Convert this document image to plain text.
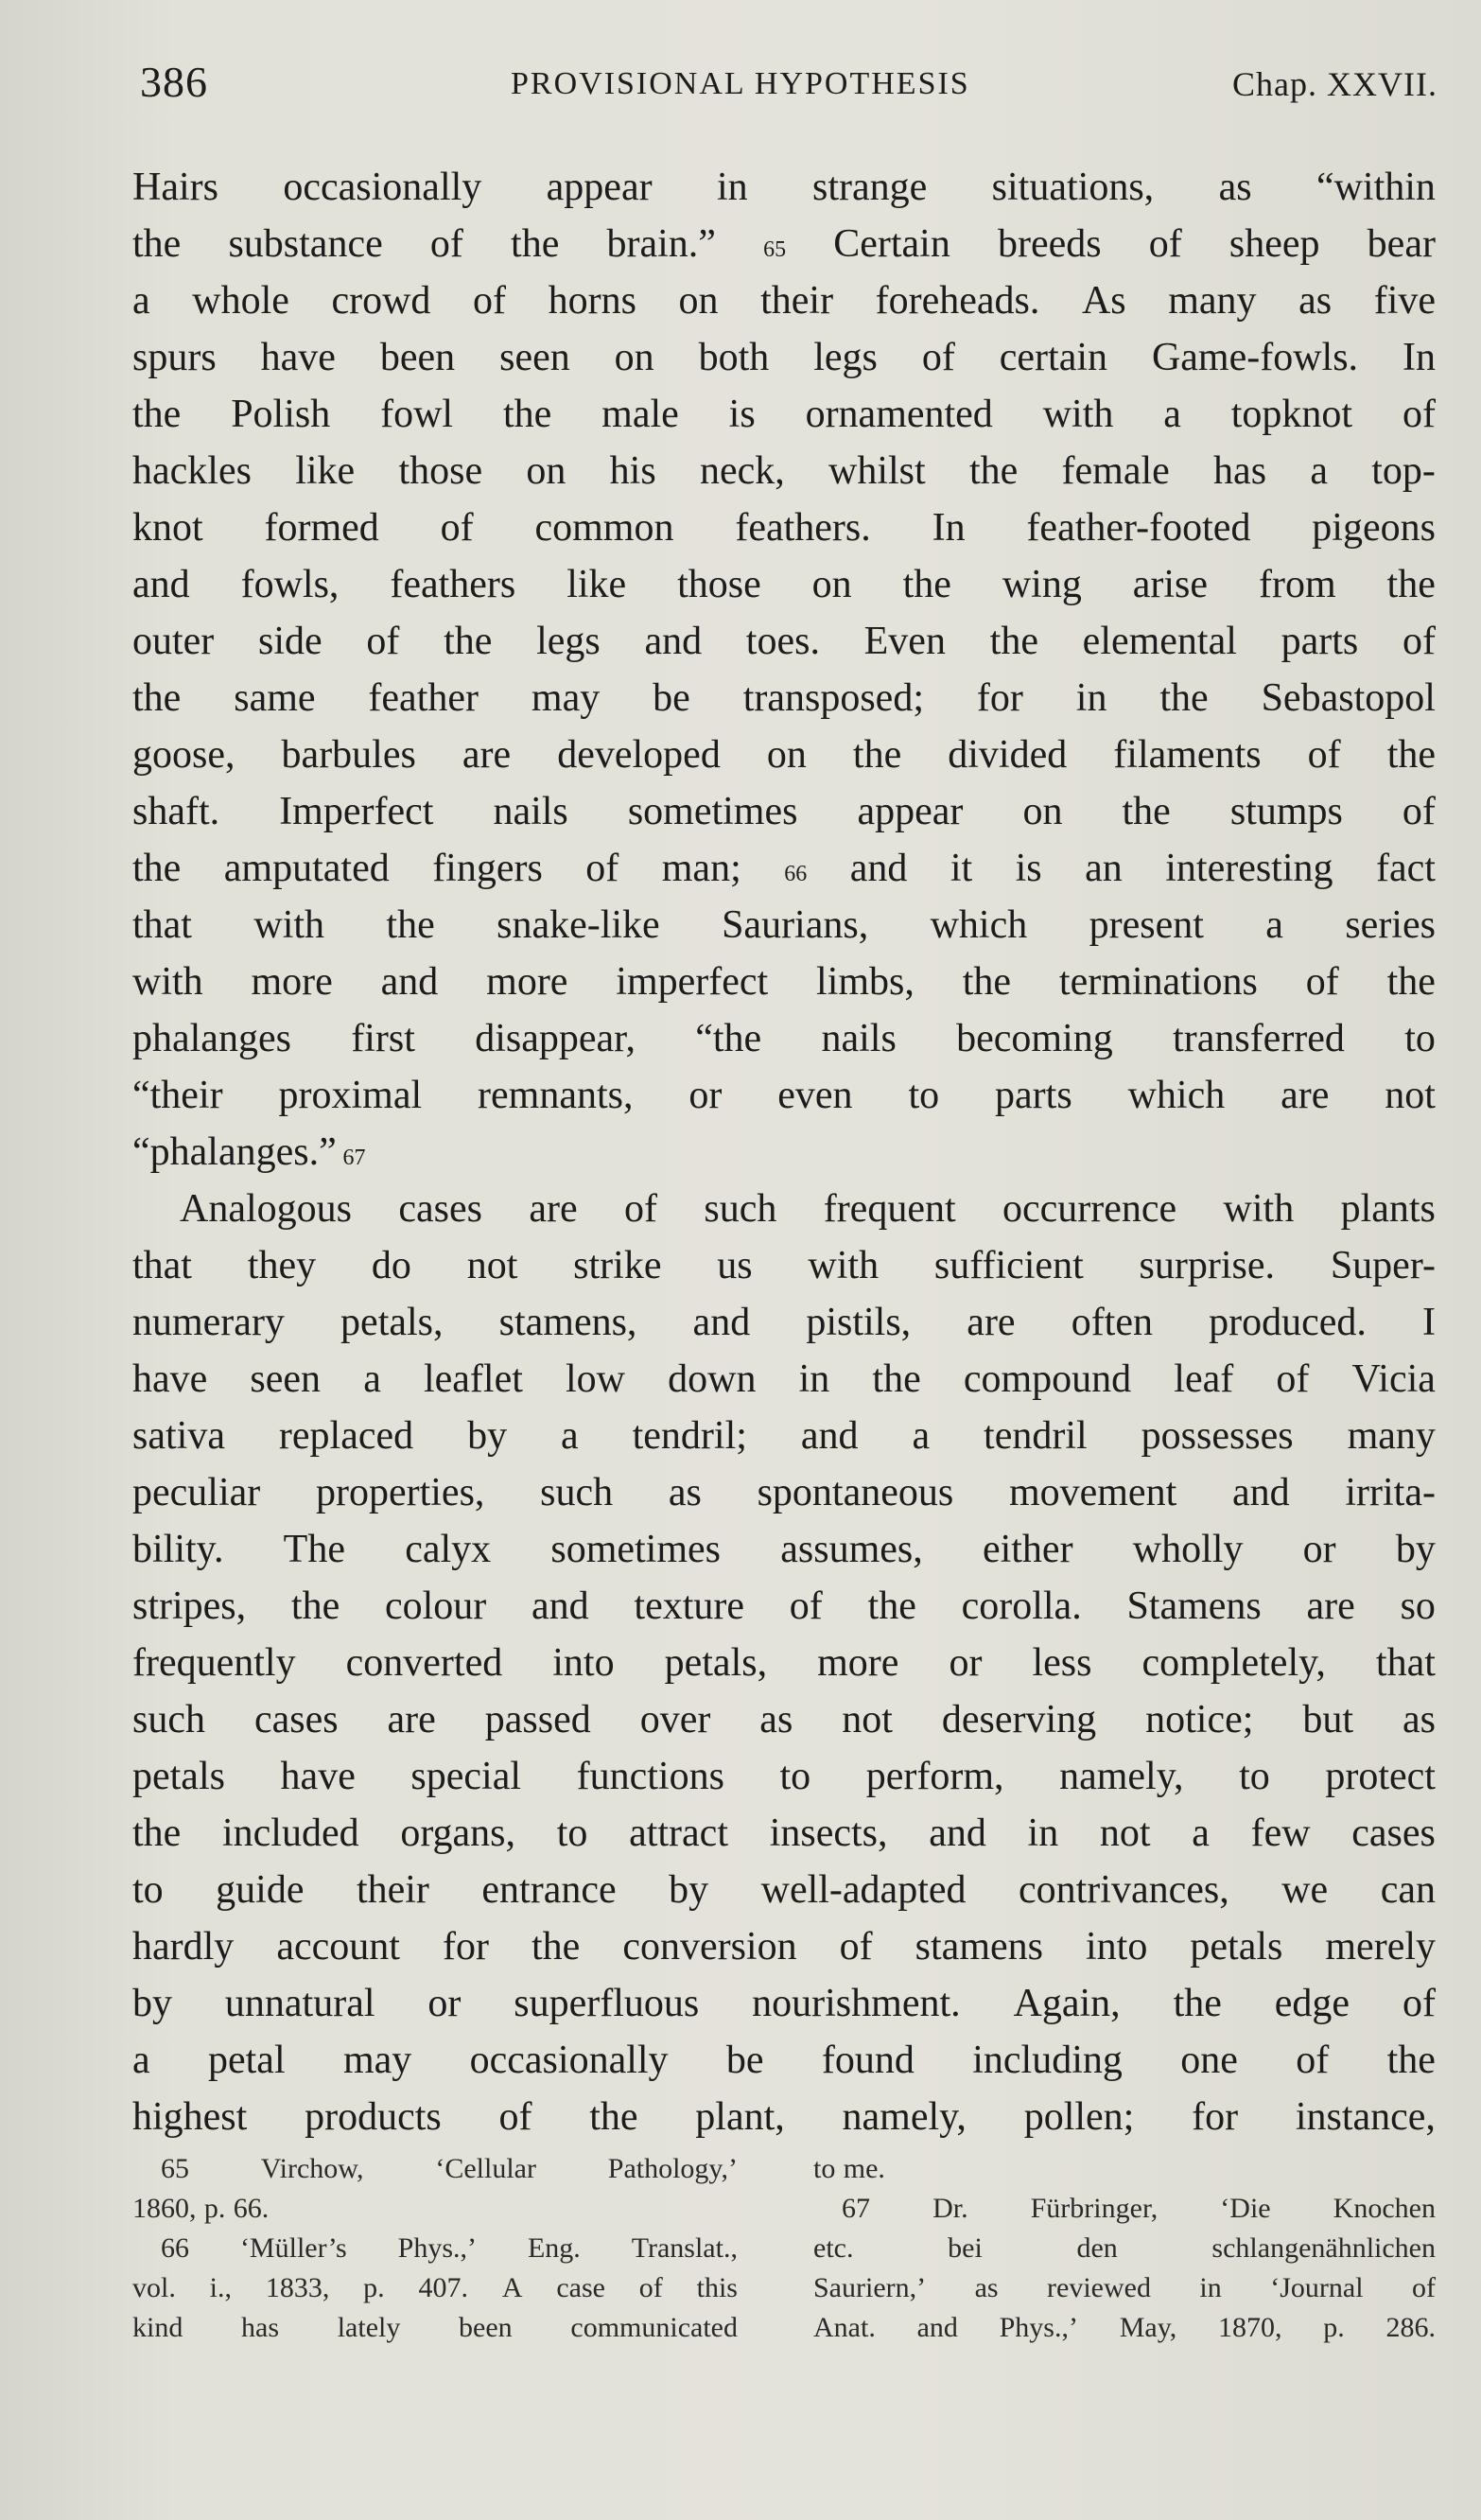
386	PROVISIONAL HYPOTHESIS	Chap. XXVII.
Hairs occasionally appear in strange situations, as “within
the substance of the brain.” 65 Certain breeds of sheep bear
a whole crowd of horns on their foreheads. As many as five
spurs have been seen on both legs of certain Game-fowls. In
the Polish fowl the male is ornamented with a topknot of
hackles like those on his neck, whilst the female has a top-
knot formed of common feathers. In feather-footed pigeons
and fowls, feathers like those on the wing arise from the
outer side of the legs and toes. Even the elemental parts of
the same feather may be transposed; for in the Sebastopol
goose, barbules are developed on the divided filaments of the
shaft. Imperfect nails sometimes appear on the stumps of
the amputated fingers of man; 66 and it is an interesting fact
that with the snake-like Saurians, which present a series
with more and more imperfect limbs, the terminations of the
phalanges first disappear, “the nails becoming transferred to
“their proximal remnants, or even to parts which are not
“phalanges.” 67
Analogous cases are of such frequent occurrence with plants
that they do not strike us with sufficient surprise. Super-
numerary petals, stamens, and pistils, are often produced. I
have seen a leaflet low down in the compound leaf of Vicia
sativa replaced by a tendril; and a tendril possesses many
peculiar properties, such as spontaneous movement and irrita-
bility. The calyx sometimes assumes, either wholly or by
stripes, the colour and texture of the corolla. Stamens are so
frequently converted into petals, more or less completely, that
such cases are passed over as not deserving notice; but as
petals have special functions to perform, namely, to protect
the included organs, to attract insects, and in not a few cases
to guide their entrance by well-adapted contrivances, we can
hardly account for the conversion of stamens into petals merely
by unnatural or superfluous nourishment. Again, the edge of
a petal may occasionally be found including one of the
highest products of the plant, namely, pollen; for instance,
65	Virchow,	‘Cellular	Pathology,’
1860, p. 66.
66 ‘Müller’s Phys.,’ Eng. Translat.,
vol. i., 1833, p. 407. A case of this
kind has lately been communicated
to me.
67 Dr. Fürbringer, ‘Die Knochen
etc.	bei	den	schlangenähnlichen
Sauriern,’ as reviewed in ‘Journal of
Anat. and Phys.,’ May, 1870, p. 286.
